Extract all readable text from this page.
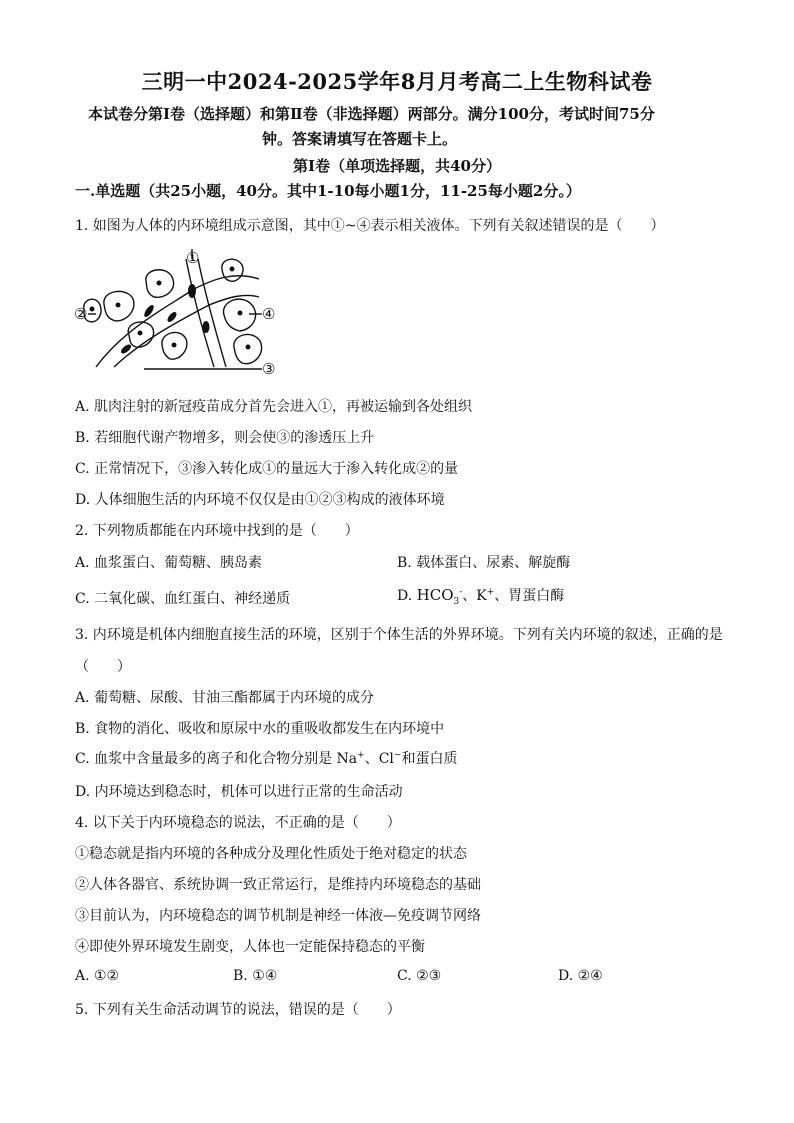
三明一中2024-2025学年8月月考高二上生物科试卷
本试卷分第Ⅰ卷（选择题）和第Ⅱ卷（非选择题）两部分。满分100分，考试时间75分
钟。答案请填写在答题卡上。
第Ⅰ卷（单项选择题，共40分）
一.单选题（共25小题，40分。其中1-10每小题1分，11-25每小题2分。）
1. 如图为人体的内环境组成示意图，其中①~④表示相关液体。下列有关叙述错误的是（　　）
①
②
③
④
A. 肌肉注射的新冠疫苗成分首先会进入①，再被运输到各处组织
B. 若细胞代谢产物增多，则会使③的渗透压上升
C. 正常情况下，③渗入转化成①的量远大于渗入转化成②的量
D. 人体细胞生活的内环境不仅仅是由①②③构成的液体环境
2. 下列物质都能在内环境中找到的是（　　）
A. 血浆蛋白、葡萄糖、胰岛素	B. 载体蛋白、尿素、解旋酶
C. 二氧化碳、血红蛋白、神经递质	D. $HCO_3^-$、K+、胃蛋白酶
3. 内环境是机体内细胞直接生活的环境，区别于个体生活的外界环境。下列有关内环境的叙述，正确的是
（　　）
A. 葡萄糖、尿酸、甘油三酯都属于内环境的成分
B. 食物的消化、吸收和原尿中水的重吸收都发生在内环境中
C. 血浆中含量最多的离子和化合物分别是 Na+、Cl−和蛋白质
D. 内环境达到稳态时，机体可以进行正常的生命活动
4. 以下关于内环境稳态的说法，不正确的是（　　）
①稳态就是指内环境的各种成分及理化性质处于绝对稳定的状态
②人体各器官、系统协调一致正常运行，是维持内环境稳态的基础
③目前认为，内环境稳态的调节机制是神经一体液—免疫调节网络
④即使外界环境发生剧变，人体也一定能保持稳态的平衡
A. ①②	B. ①④	C. ②③	D. ②④
5. 下列有关生命活动调节的说法，错误的是（　　）
